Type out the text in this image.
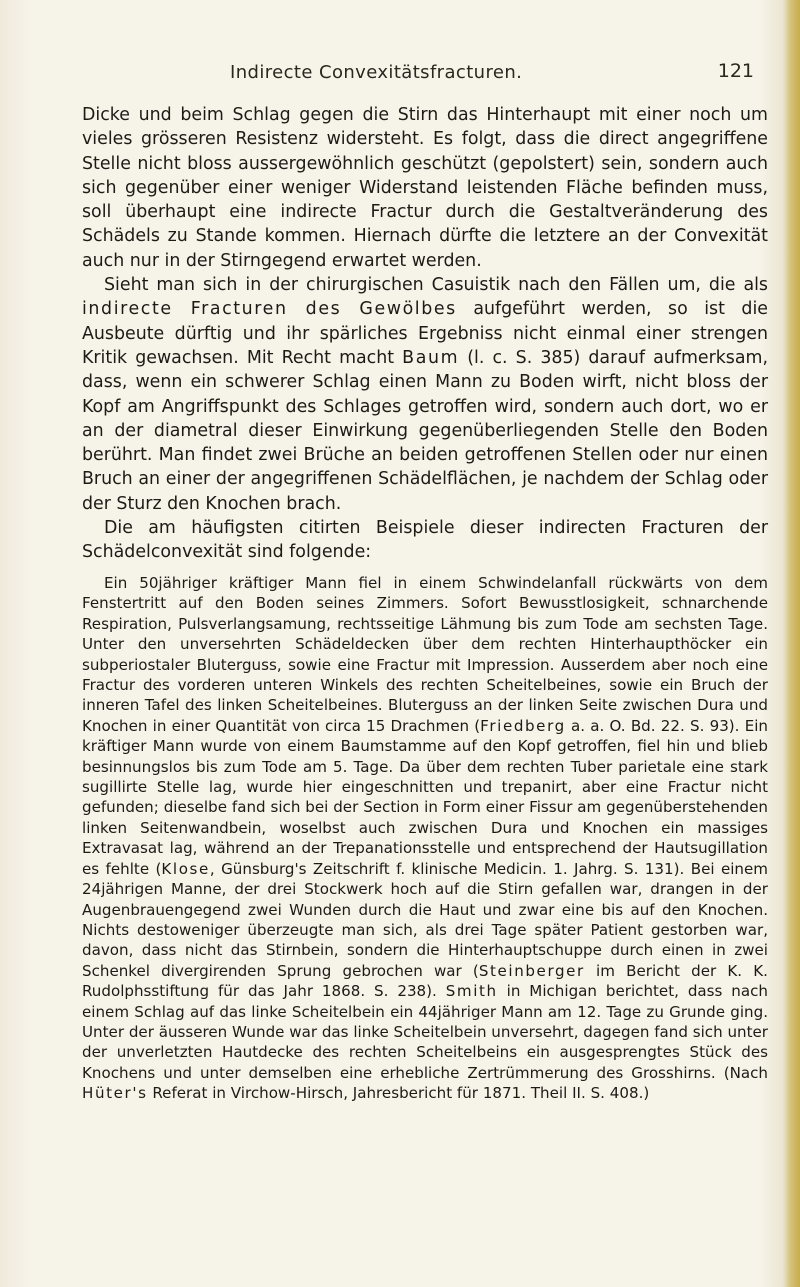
Indirecte Convexitätsfracturen.	121

Dicke und beim Schlag gegen die Stirn das Hinterhaupt mit einer noch um vieles grösseren Resistenz widersteht. Es folgt, dass die direct angegriffene Stelle nicht bloss aussergewöhnlich geschützt (gepolstert) sein, sondern auch sich gegenüber einer weniger Widerstand leistenden Fläche befinden muss, soll überhaupt eine indirecte Fractur durch die Gestaltveränderung des Schädels zu Stande kommen. Hiernach dürfte die letztere an der Convexität auch nur in der Stirngegend erwartet werden.

Sieht man sich in der chirurgischen Casuistik nach den Fällen um, die als indirecte Fracturen des Gewölbes aufgeführt werden, so ist die Ausbeute dürftig und ihr spärliches Ergebniss nicht einmal einer strengen Kritik gewachsen. Mit Recht macht Baum (l. c. S. 385) darauf aufmerksam, dass, wenn ein schwerer Schlag einen Mann zu Boden wirft, nicht bloss der Kopf am Angriffspunkt des Schlages getroffen wird, sondern auch dort, wo er an der diametral dieser Einwirkung gegenüberliegenden Stelle den Boden berührt. Man findet zwei Brüche an beiden getroffenen Stellen oder nur einen Bruch an einer der angegriffenen Schädelflächen, je nachdem der Schlag oder der Sturz den Knochen brach.

Die am häufigsten citirten Beispiele dieser indirecten Fracturen der Schädelconvexität sind folgende:

Ein 50jähriger kräftiger Mann fiel in einem Schwindelanfall rückwärts von dem Fenstertritt auf den Boden seines Zimmers. Sofort Bewusstlosigkeit, schnarchende Respiration, Pulsverlangsamung, rechtsseitige Lähmung bis zum Tode am sechsten Tage. Unter den unversehrten Schädeldecken über dem rechten Hinterhaupthöcker ein subperiostaler Bluterguss, sowie eine Fractur mit Impression. Ausserdem aber noch eine Fractur des vorderen unteren Winkels des rechten Scheitelbeines, sowie ein Bruch der inneren Tafel des linken Scheitelbeines. Bluterguss an der linken Seite zwischen Dura und Knochen in einer Quantität von circa 15 Drachmen (Friedberg a. a. O. Bd. 22. S. 93). Ein kräftiger Mann wurde von einem Baumstamme auf den Kopf getroffen, fiel hin und blieb besinnungslos bis zum Tode am 5. Tage. Da über dem rechten Tuber parietale eine stark sugillirte Stelle lag, wurde hier eingeschnitten und trepanirt, aber eine Fractur nicht gefunden; dieselbe fand sich bei der Section in Form einer Fissur am gegenüberstehenden linken Seitenwandbein, woselbst auch zwischen Dura und Knochen ein massiges Extravasat lag, während an der Trepanationsstelle und entsprechend der Hautsugillation es fehlte (Klose, Günsburg's Zeitschrift f. klinische Medicin. 1. Jahrg. S. 131). Bei einem 24jährigen Manne, der drei Stockwerk hoch auf die Stirn gefallen war, drangen in der Augenbrauengegend zwei Wunden durch die Haut und zwar eine bis auf den Knochen. Nichts destoweniger überzeugte man sich, als drei Tage später Patient gestorben war, davon, dass nicht das Stirnbein, sondern die Hinterhauptschuppe durch einen in zwei Schenkel divergirenden Sprung gebrochen war (Steinberger im Bericht der K. K. Rudolphsstiftung für das Jahr 1868. S. 238). Smith in Michigan berichtet, dass nach einem Schlag auf das linke Scheitelbein ein 44jähriger Mann am 12. Tage zu Grunde ging. Unter der äusseren Wunde war das linke Scheitelbein unversehrt, dagegen fand sich unter der unverletzten Hautdecke des rechten Scheitelbeins ein ausgesprengtes Stück des Knochens und unter demselben eine erhebliche Zertrümmerung des Grosshirns. (Nach Hüter's Referat in Virchow-Hirsch, Jahresbericht für 1871. Theil II. S. 408.)
